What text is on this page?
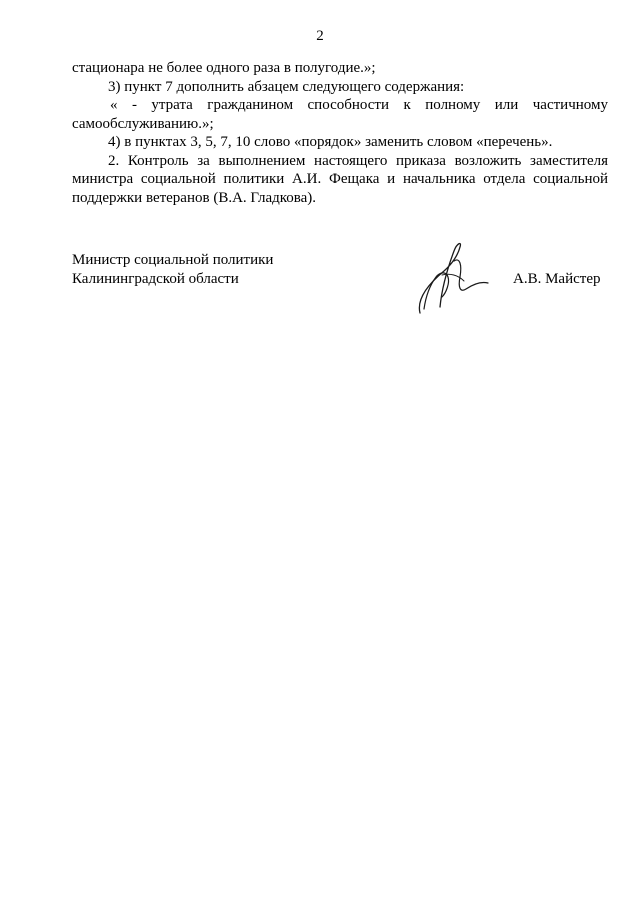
2

стационара не более одного раза в полугодие.»;

3) пункт 7 дополнить абзацем следующего содержания:

« - утрата гражданином способности к полному или частичному

самообслуживанию.»;

4) в пунктах 3, 5, 7, 10 слово «порядок» заменить словом «перечень».

2. Контроль за выполнением настоящего приказа возложить заместителя министра социальной политики А.И. Фещака и начальника отдела социальной поддержки ветеранов (В.А. Гладкова).

Министр социальной политики
Калининградской области	А.В. Майстер
